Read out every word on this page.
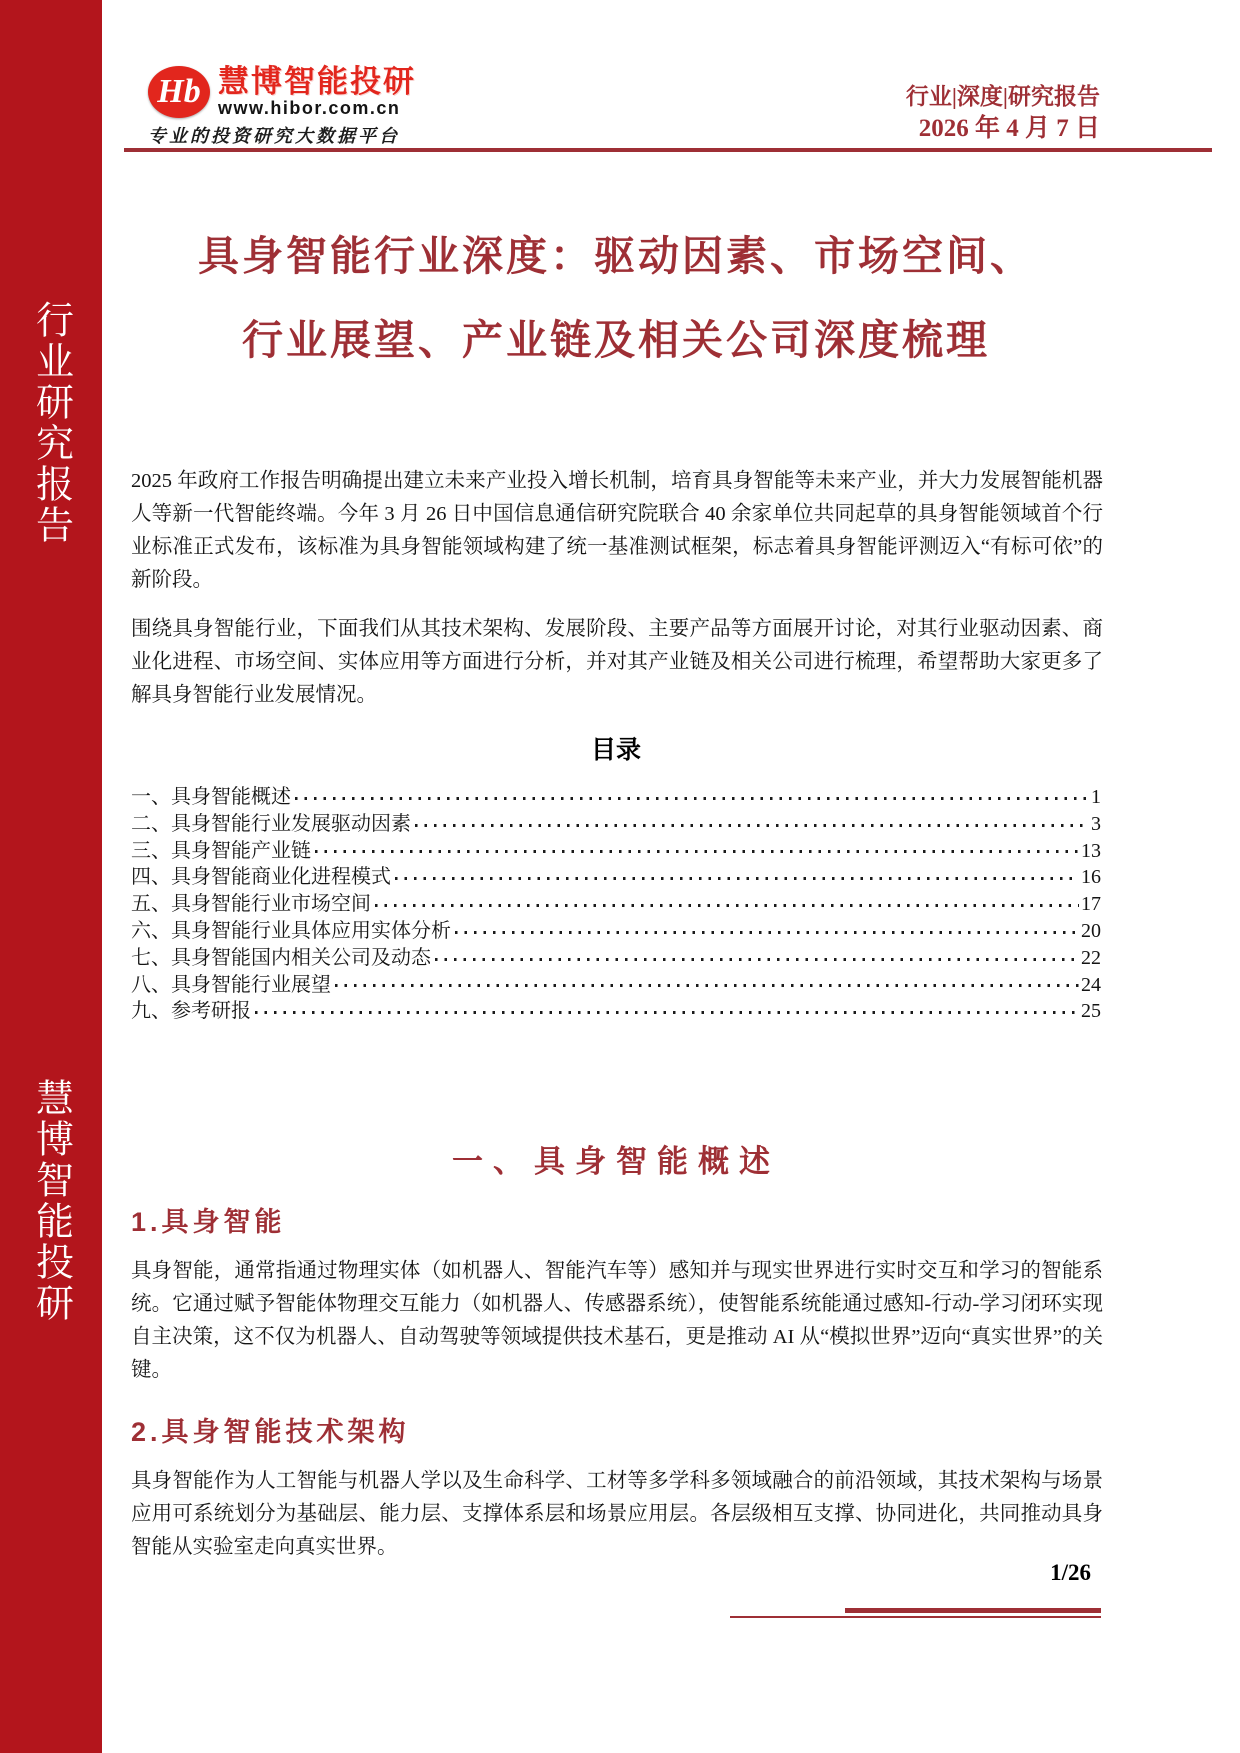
行业研究报告
慧博智能投研
Hb 慧博智能投研
www.hibor.com.cn
专业的投资研究大数据平台
行业|深度|研究报告
2026 年 4 月 7 日
具身智能行业深度：驱动因素、市场空间、
行业展望、产业链及相关公司深度梳理

2025 年政府工作报告明确提出建立未来产业投入增长机制，培育具身智能等未来产业，并大力发展智能机器人等新一代智能终端。今年 3 月 26 日中国信息通信研究院联合 40 余家单位共同起草的具身智能领域首个行业标准正式发布，该标准为具身智能领域构建了统一基准测试框架，标志着具身智能评测迈入“有标可依”的新阶段。

围绕具身智能行业，下面我们从其技术架构、发展阶段、主要产品等方面展开讨论，对其行业驱动因素、商业化进程、市场空间、实体应用等方面进行分析，并对其产业链及相关公司进行梳理，希望帮助大家更多了解具身智能行业发展情况。

目录
一、具身智能概述	1
二、具身智能行业发展驱动因素	3
三、具身智能产业链	13
四、具身智能商业化进程模式	16
五、具身智能行业市场空间	17
六、具身智能行业具体应用实体分析	20
七、具身智能国内相关公司及动态	22
八、具身智能行业展望	24
九、参考研报	25
一、具身智能概述
1.具身智能

具身智能，通常指通过物理实体（如机器人、智能汽车等）感知并与现实世界进行实时交互和学习的智能系统。它通过赋予智能体物理交互能力（如机器人、传感器系统），使智能系统能通过感知-行动-学习闭环实现自主决策，这不仅为机器人、自动驾驶等领域提供技术基石，更是推动 AI 从“模拟世界”迈向“真实世界”的关键。

2.具身智能技术架构

具身智能作为人工智能与机器人学以及生命科学、工材等多学科多领域融合的前沿领域，其技术架构与场景应用可系统划分为基础层、能力层、支撑体系层和场景应用层。各层级相互支撑、协同进化，共同推动具身智能从实验室走向真实世界。

1/26
